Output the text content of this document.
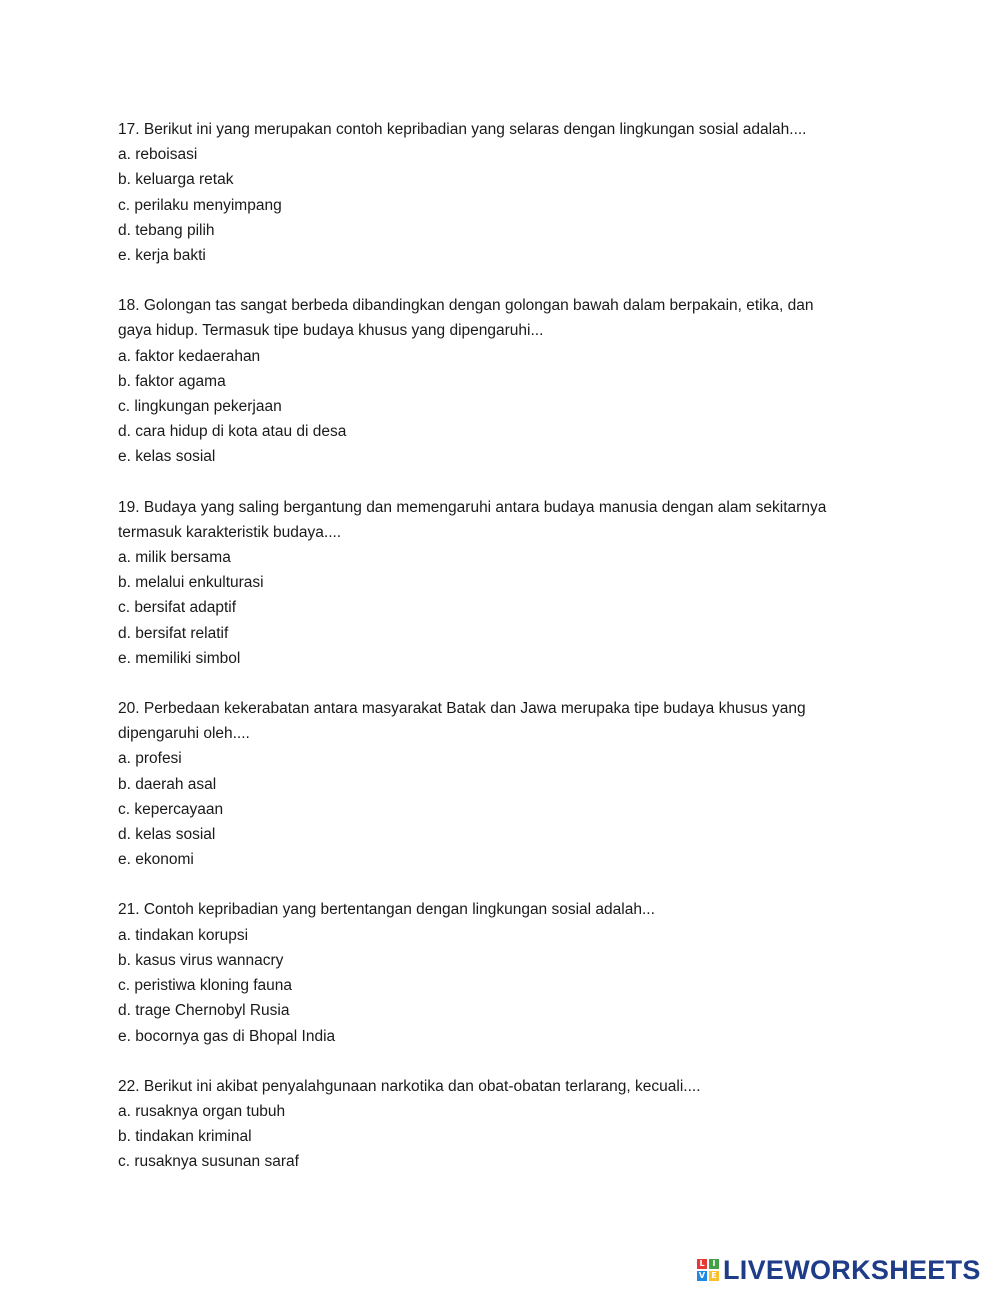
17. Berikut ini yang merupakan contoh kepribadian yang selaras dengan lingkungan sosial adalah....
a. reboisasi
b. keluarga retak
c. perilaku menyimpang
d. tebang pilih
e. kerja bakti
18. Golongan tas sangat berbeda dibandingkan dengan golongan bawah dalam berpakain, etika, dan
gaya hidup. Termasuk tipe budaya khusus yang dipengaruhi...
a. faktor kedaerahan
b. faktor agama
c. lingkungan pekerjaan
d. cara hidup di kota atau di desa
e. kelas sosial
19. Budaya yang saling bergantung dan memengaruhi antara budaya manusia dengan alam sekitarnya
termasuk karakteristik budaya....
a. milik bersama
b. melalui enkulturasi
c. bersifat adaptif
d. bersifat relatif
e. memiliki simbol
20. Perbedaan kekerabatan antara masyarakat Batak dan Jawa merupaka tipe budaya khusus yang
dipengaruhi oleh....
a. profesi
b. daerah asal
c. kepercayaan
d. kelas sosial
e. ekonomi
21. Contoh kepribadian yang bertentangan dengan lingkungan sosial adalah...
a. tindakan korupsi
b. kasus virus wannacry
c. peristiwa kloning fauna
d. trage Chernobyl Rusia
e. bocornya gas di Bhopal India
22. Berikut ini akibat penyalahgunaan narkotika dan obat-obatan terlarang, kecuali....
a. rusaknya organ tubuh
b. tindakan kriminal
c. rusaknya susunan saraf
L I
V E LIVEWORKSHEETS
